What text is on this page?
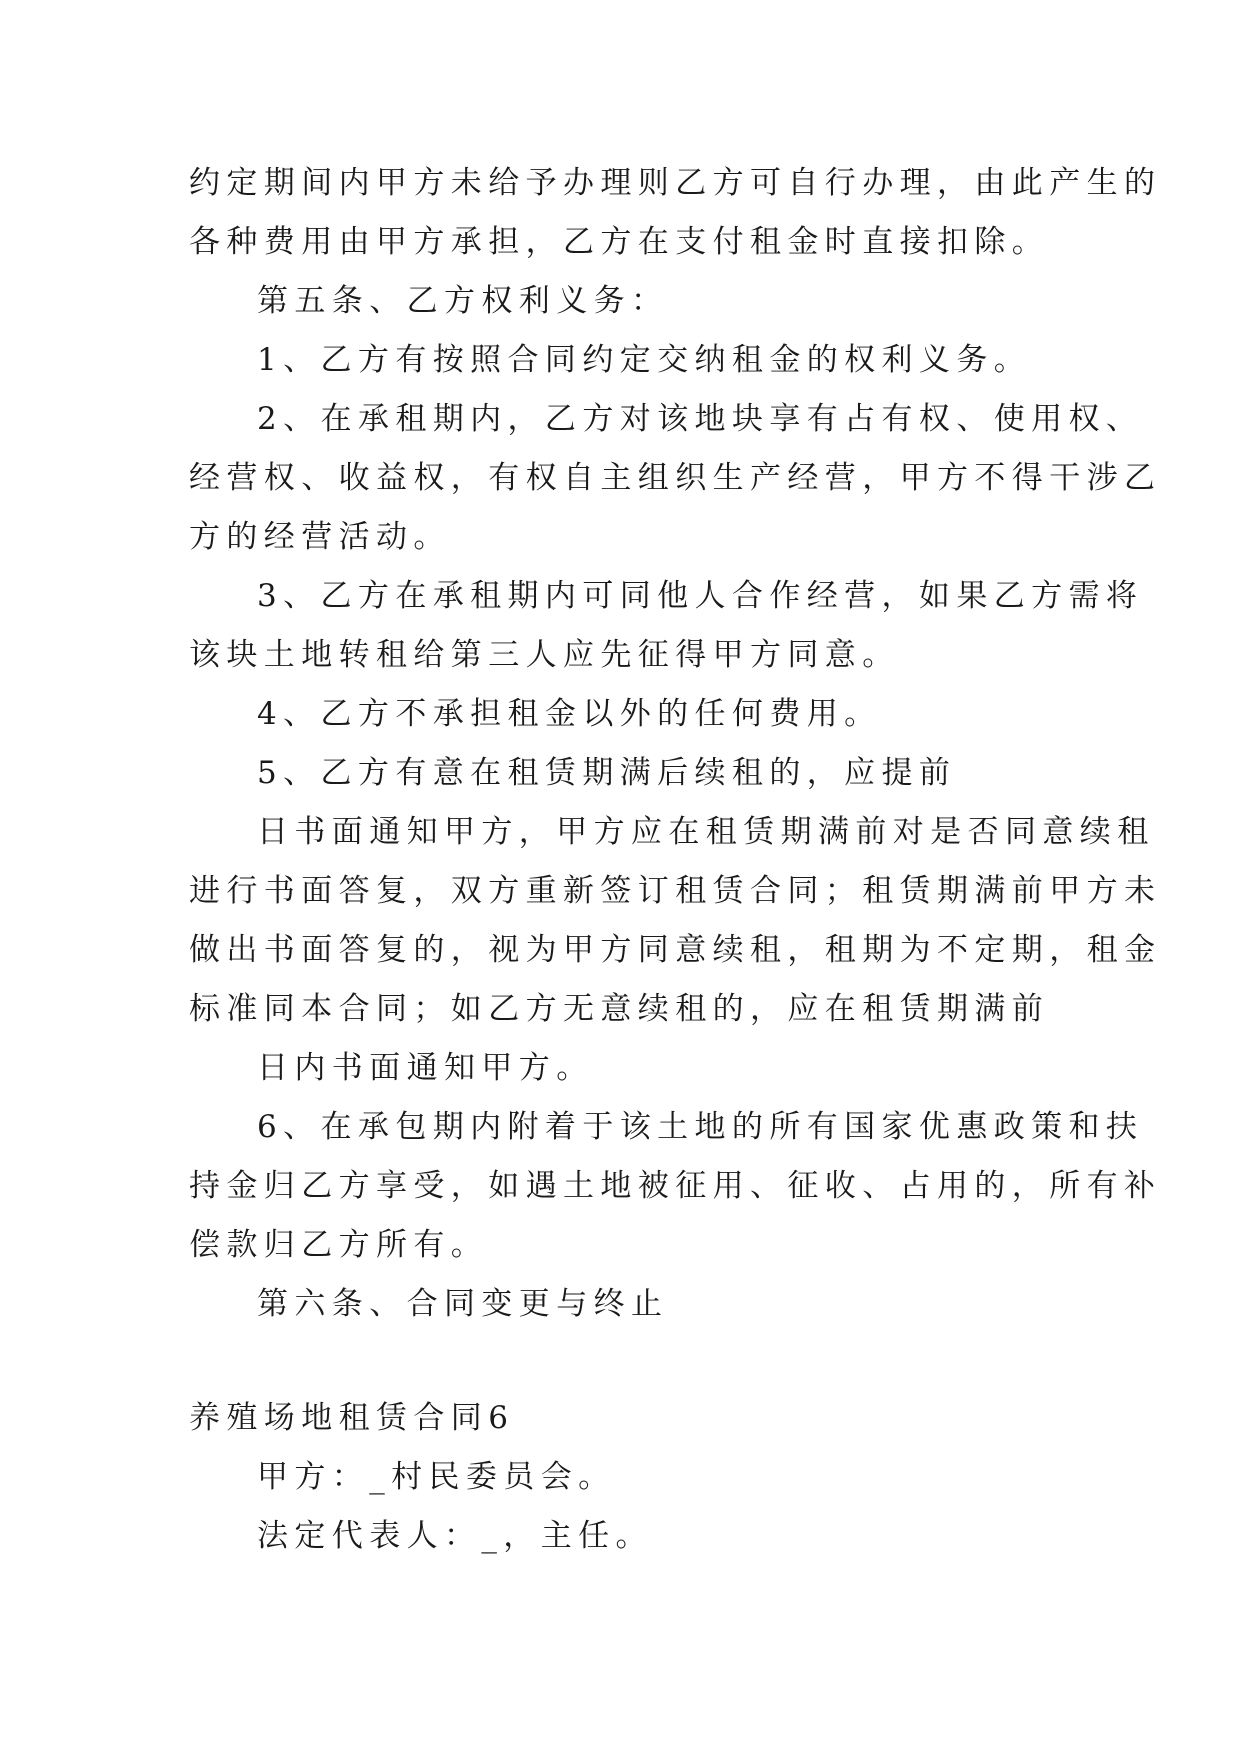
约定期间内甲方未给予办理则乙方可自行办理，由此产生的
各种费用由甲方承担，乙方在支付租金时直接扣除。
第五条、乙方权利义务：
1、乙方有按照合同约定交纳租金的权利义务。
2、在承租期内，乙方对该地块享有占有权、使用权、
经营权、收益权，有权自主组织生产经营，甲方不得干涉乙
方的经营活动。
3、乙方在承租期内可同他人合作经营，如果乙方需将
该块土地转租给第三人应先征得甲方同意。
4、乙方不承担租金以外的任何费用。
5、乙方有意在租赁期满后续租的，应提前
日书面通知甲方，甲方应在租赁期满前对是否同意续租
进行书面答复，双方重新签订租赁合同；租赁期满前甲方未
做出书面答复的，视为甲方同意续租，租期为不定期，租金
标准同本合同；如乙方无意续租的，应在租赁期满前
日内书面通知甲方。
6、在承包期内附着于该土地的所有国家优惠政策和扶
持金归乙方享受，如遇土地被征用、征收、占用的，所有补
偿款归乙方所有。
第六条、合同变更与终止
养殖场地租赁合同6
甲方：_村民委员会。
法定代表人：_，主任。
